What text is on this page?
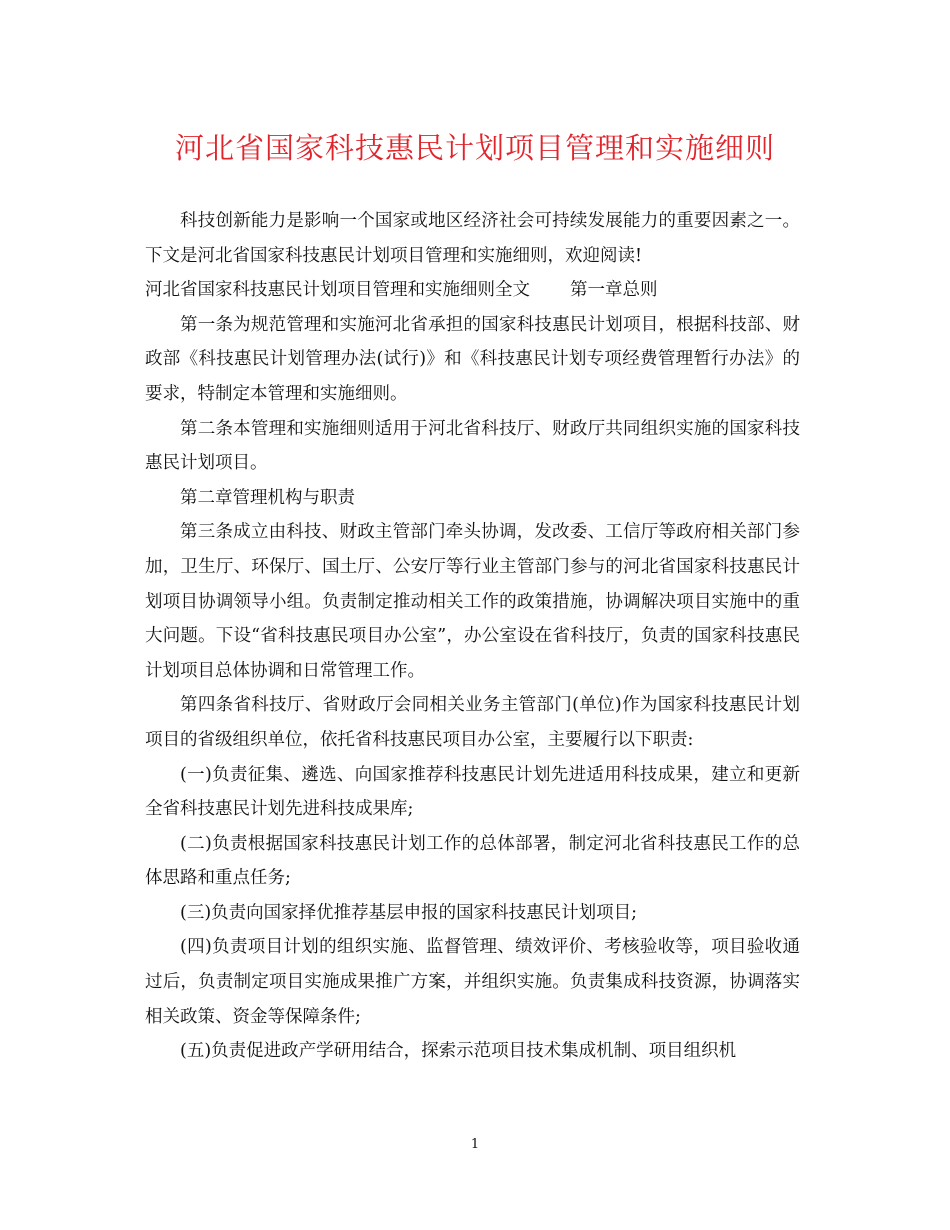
河北省国家科技惠民计划项目管理和实施细则

科技创新能力是影响一个国家或地区经济社会可持续发展能力的重要因素之一。下文是河北省国家科技惠民计划项目管理和实施细则，欢迎阅读!

河北省国家科技惠民计划项目管理和实施细则全文 第一章总则

第一条为规范管理和实施河北省承担的国家科技惠民计划项目，根据科技部、财政部《科技惠民计划管理办法(试行)》和《科技惠民计划专项经费管理暂行办法》的要求，特制定本管理和实施细则。

第二条本管理和实施细则适用于河北省科技厅、财政厅共同组织实施的国家科技惠民计划项目。

第二章管理机构与职责

第三条成立由科技、财政主管部门牵头协调，发改委、工信厅等政府相关部门参加，卫生厅、环保厅、国土厅、公安厅等行业主管部门参与的河北省国家科技惠民计划项目协调领导小组。负责制定推动相关工作的政策措施，协调解决项目实施中的重大问题。下设“省科技惠民项目办公室”，办公室设在省科技厅，负责的国家科技惠民计划项目总体协调和日常管理工作。

第四条省科技厅、省财政厅会同相关业务主管部门(单位)作为国家科技惠民计划项目的省级组织单位，依托省科技惠民项目办公室，主要履行以下职责:

(一)负责征集、遴选、向国家推荐科技惠民计划先进适用科技成果，建立和更新全省科技惠民计划先进科技成果库;

(二)负责根据国家科技惠民计划工作的总体部署，制定河北省科技惠民工作的总体思路和重点任务;

(三)负责向国家择优推荐基层申报的国家科技惠民计划项目;

(四)负责项目计划的组织实施、监督管理、绩效评价、考核验收等，项目验收通过后，负责制定项目实施成果推广方案，并组织实施。负责集成科技资源，协调落实相关政策、资金等保障条件;

(五)负责促进政产学研用结合，探索示范项目技术集成机制、项目组织机

1
